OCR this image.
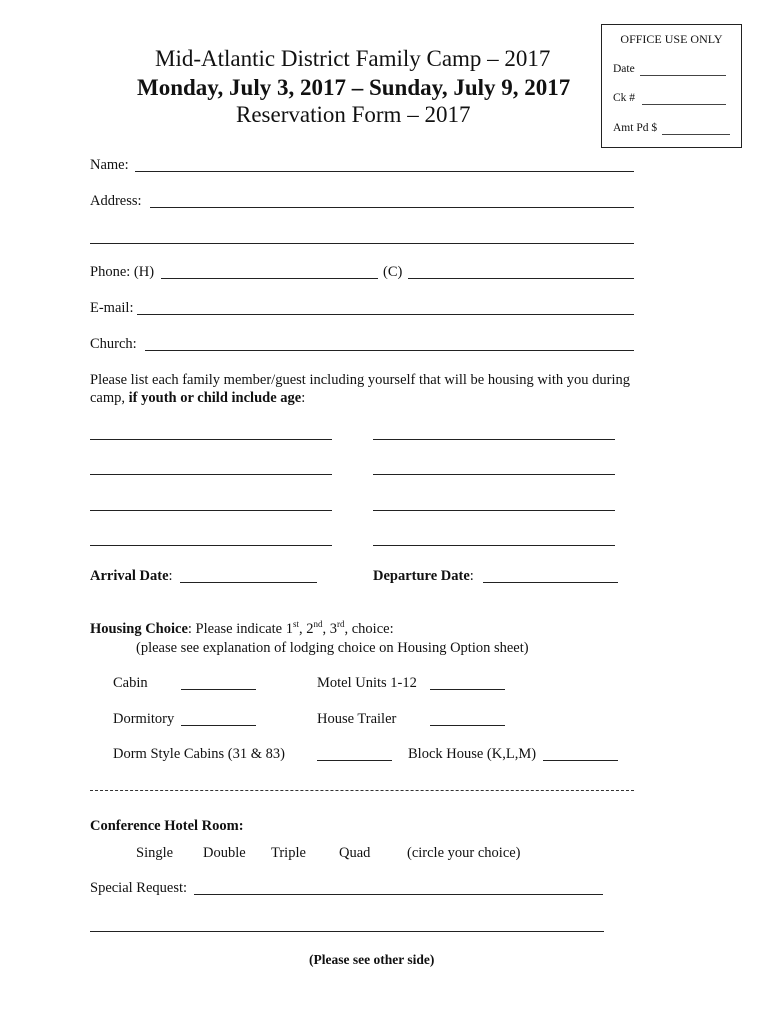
OFFICE USE ONLY
Date
Ck #
Amt Pd $
Mid-Atlantic District Family Camp – 2017
Monday, July 3, 2017 – Sunday, July 9, 2017
Reservation Form – 2017
Name:
Address:
Phone: (H)	(C)
E-mail:
Church:
Please list each family member/guest including yourself that will be housing with you during
camp, if youth or child include age:
Arrival Date:	Departure Date:
Housing Choice: Please indicate 1st, 2nd, 3rd, choice:
(please see explanation of lodging choice on Housing Option sheet)
Cabin	Motel Units 1-12
Dormitory	House Trailer
Dorm Style Cabins (31 & 83)	Block House (K,L,M)
Conference Hotel Room:
Single Double Triple Quad	(circle your choice)
Special Request:
(Please see other side)
